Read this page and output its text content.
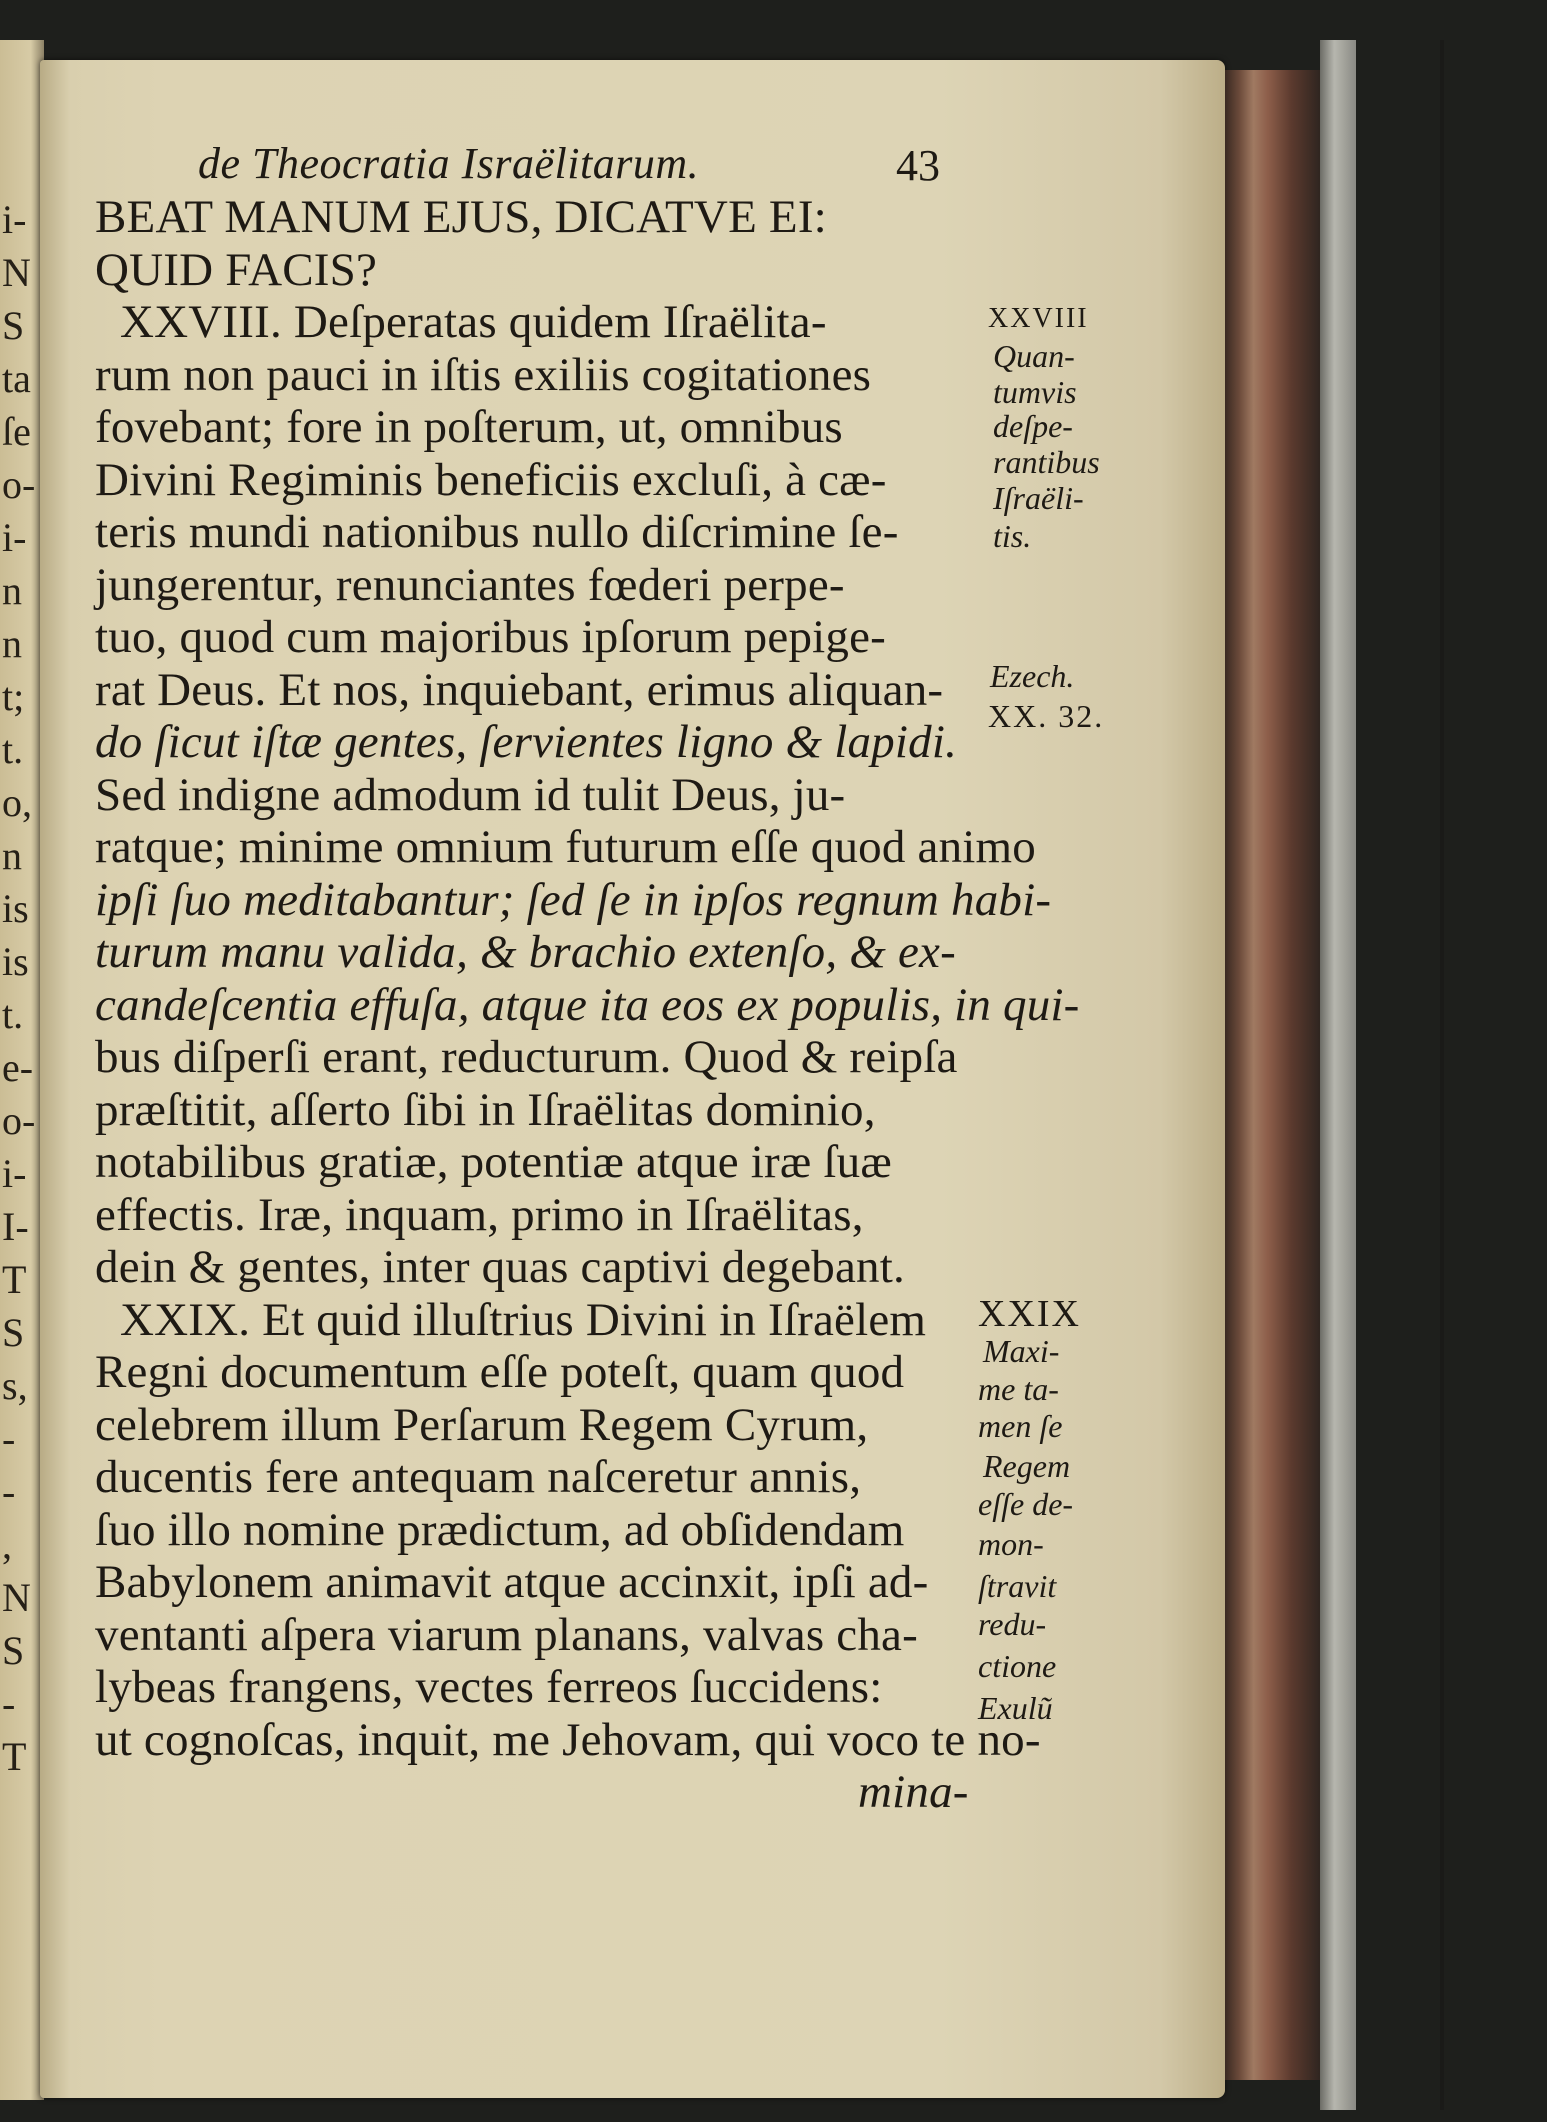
i-
N
S
ta
ſe
o-
i-
n
n
t;
t.
o,
n
is
is
t.
e-
o-
i-
I-
T
S
s,
-
-
,
N
S
-
T
de Theocratia Israëlitarum.	43
BEAT MANUM EJUS, DICATVE EI:
QUID FACIS?
XXVIII. Deſperatas quidem Iſraëlita-
rum non pauci in iſtis exiliis cogitationes
fovebant; fore in poſterum, ut, omnibus
Divini Regiminis beneficiis excluſi, à cæ-
teris mundi nationibus nullo diſcrimine ſe-
jungerentur, renunciantes fœderi perpe-
tuo, quod cum majoribus ipſorum pepige-
rat Deus. Et nos, inquiebant, erimus aliquan-
do ſicut iſtæ gentes, ſervientes ligno & lapidi.
Sed indigne admodum id tulit Deus, ju-
ratque; minime omnium futurum eſſe quod animo
ipſi ſuo meditabantur; ſed ſe in ipſos regnum habi-
turum manu valida, & brachio extenſo, & ex-
candeſcentia effuſa, atque ita eos ex populis, in qui-
bus diſperſi erant, reducturum. Quod & reipſa
præſtitit, aſſerto ſibi in Iſraëlitas dominio,
notabilibus gratiæ, potentiæ atque iræ ſuæ
effectis. Iræ, inquam, primo in Iſraëlitas,
dein & gentes, inter quas captivi degebant.
XXIX. Et quid illuſtrius Divini in Iſraëlem
Regni documentum eſſe poteſt, quam quod
celebrem illum Perſarum Regem Cyrum,
ducentis fere antequam naſceretur annis,
ſuo illo nomine prædictum, ad obſidendam
Babylonem animavit atque accinxit, ipſi ad-
ventanti aſpera viarum planans, valvas cha-
lybeas frangens, vectes ferreos ſuccidens:
ut cognoſcas, inquit, me Jehovam, qui voco te no-
mina-
XXVIII
Quan-
tumvis
deſpe-
rantibus
Iſraëli-
tis.
Ezech.
XX. 32.
XXIX
Maxi-
me ta-
men ſe
Regem
eſſe de-
mon-
ſtravit
redu-
ctione
Exulũ
